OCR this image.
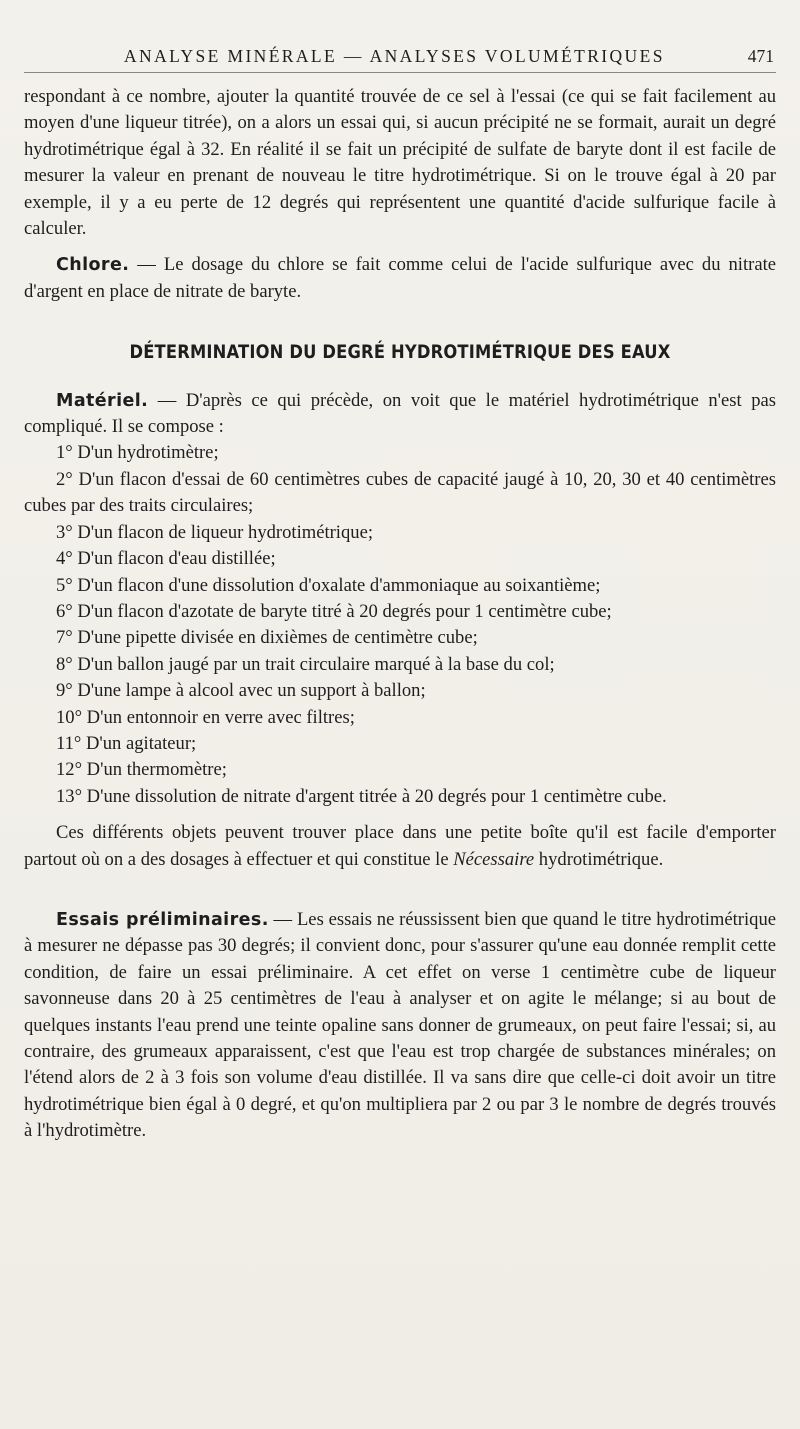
ANALYSE MINÉRALE — ANALYSES VOLUMÉTRIQUES	471

respondant à ce nombre, ajouter la quantité trouvée de ce sel à l'essai (ce qui se fait facilement au moyen d'une liqueur titrée), on a alors un essai qui, si aucun précipité ne se formait, aurait un degré hydrotimétrique égal à 32. En réalité il se fait un précipité de sulfate de baryte dont il est facile de mesurer la valeur en prenant de nouveau le titre hydrotimétrique. Si on le trouve égal à 20 par exemple, il y a eu perte de 12 degrés qui représentent une quantité d'acide sulfurique facile à calculer.

Chlore. — Le dosage du chlore se fait comme celui de l'acide sulfurique avec du nitrate d'argent en place de nitrate de baryte.

DÉTERMINATION DU DEGRÉ HYDROTIMÉTRIQUE DES EAUX

Matériel. — D'après ce qui précède, on voit que le matériel hydrotimétrique n'est pas compliqué. Il se compose :

1° D'un hydrotimètre;

2° D'un flacon d'essai de 60 centimètres cubes de capacité jaugé à 10, 20, 30 et 40 centimètres cubes par des traits circulaires;

3° D'un flacon de liqueur hydrotimétrique;

4° D'un flacon d'eau distillée;

5° D'un flacon d'une dissolution d'oxalate d'ammoniaque au soixantième;

6° D'un flacon d'azotate de baryte titré à 20 degrés pour 1 centimètre cube;

7° D'une pipette divisée en dixièmes de centimètre cube;

8° D'un ballon jaugé par un trait circulaire marqué à la base du col;

9° D'une lampe à alcool avec un support à ballon;

10° D'un entonnoir en verre avec filtres;

11° D'un agitateur;

12° D'un thermomètre;

13° D'une dissolution de nitrate d'argent titrée à 20 degrés pour 1 centimètre cube.

Ces différents objets peuvent trouver place dans une petite boîte qu'il est facile d'emporter partout où on a des dosages à effectuer et qui constitue le Nécessaire hydrotimétrique.

Essais préliminaires. — Les essais ne réussissent bien que quand le titre hydrotimétrique à mesurer ne dépasse pas 30 degrés; il convient donc, pour s'assurer qu'une eau donnée remplit cette condition, de faire un essai préliminaire. A cet effet on verse 1 centimètre cube de liqueur savonneuse dans 20 à 25 centimètres de l'eau à analyser et on agite le mélange; si au bout de quelques instants l'eau prend une teinte opaline sans donner de grumeaux, on peut faire l'essai; si, au contraire, des grumeaux apparaissent, c'est que l'eau est trop chargée de substances minérales; on l'étend alors de 2 à 3 fois son volume d'eau distillée. Il va sans dire que celle-ci doit avoir un titre hydrotimétrique bien égal à 0 degré, et qu'on multipliera par 2 ou par 3 le nombre de degrés trouvés à l'hydrotimètre.
